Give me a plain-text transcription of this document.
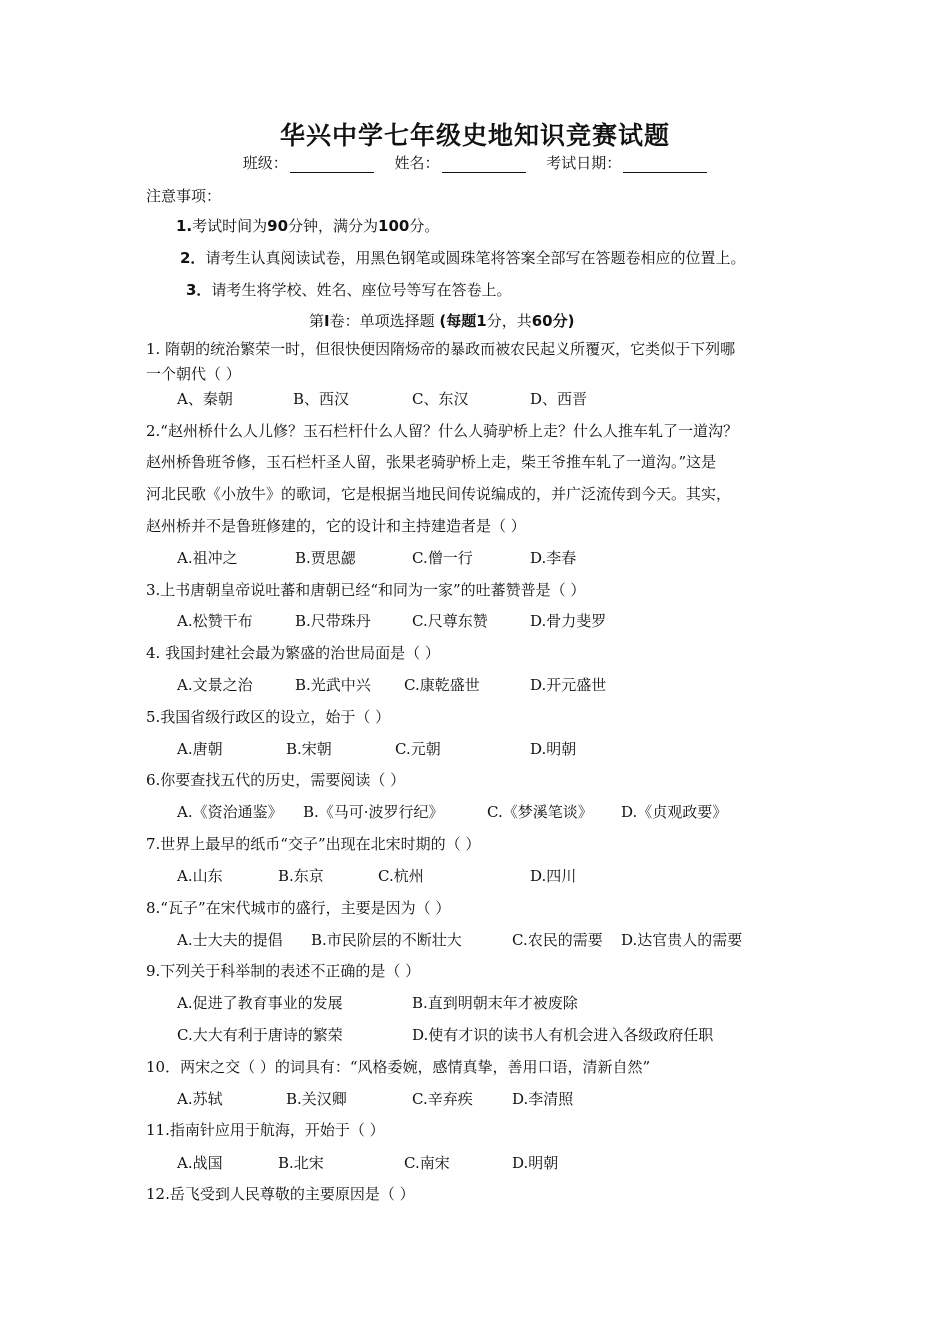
华兴中学七年级史地知识竞赛试题
班级：	姓名：	考试日期：
注意事项：
1.考试时间为90分钟，满分为100分。
2．请考生认真阅读试卷，用黑色钢笔或圆珠笔将答案全部写在答题卷相应的位置上。
3．请考生将学校、姓名、座位号等写在答卷上。
第I卷：单项选择题 (每题1分，共60分)
1. 隋朝的统治繁荣一时，但很快便因隋炀帝的暴政而被农民起义所覆灭，它类似于下列哪
一个朝代（ ）
A、秦朝	B、西汉	C、东汉	D、西晋
2.“赵州桥什么人儿修？玉石栏杆什么人留？什么人骑驴桥上走？什么人推车轧了一道沟？
赵州桥鲁班爷修，玉石栏杆圣人留，张果老骑驴桥上走，柴王爷推车轧了一道沟。”这是
河北民歌《小放牛》的歌词，它是根据当地民间传说编成的，并广泛流传到今天。其实，
赵州桥并不是鲁班修建的，它的设计和主持建造者是（ ）
A.祖冲之	B.贾思勰	C.僧一行	D.李春
3.上书唐朝皇帝说吐蕃和唐朝已经“和同为一家”的吐蕃赞普是（ ）
A.松赞干布	B.尺带珠丹	C.尺尊东赞	D.骨力斐罗
4. 我国封建社会最为繁盛的治世局面是（ ）
A.文景之治	B.光武中兴 C.康乾盛世	D.开元盛世
5.我国省级行政区的设立，始于（ ）
A.唐朝	B.宋朝	C.元朝	D.明朝
6.你要查找五代的历史，需要阅读（ ）
A.《资治通鉴》 B.《马可·波罗行纪》	C.《梦溪笔谈》 D.《贞观政要》
7.世界上最早的纸币“交子”出现在北宋时期的（ ）
A.山东	B.东京	C.杭州	D.四川
8.“瓦子”在宋代城市的盛行，主要是因为（ ）
A.士大夫的提倡 B.市民阶层的不断壮大	C.农民的需要 D.达官贵人的需要
9.下列关于科举制的表述不正确的是（ ）
A.促进了教育事业的发展	B.直到明朝末年才被废除
C.大大有利于唐诗的繁荣	D.使有才识的读书人有机会进入各级政府任职
10．两宋之交（ ）的词具有：“风格委婉，感情真挚，善用口语，清新自然”
A.苏轼	B.关汉卿	C.辛弃疾	D.李清照
11.指南针应用于航海，开始于（ ）
A.战国	B.北宋	C.南宋	D.明朝
12.岳飞受到人民尊敬的主要原因是（ ）
